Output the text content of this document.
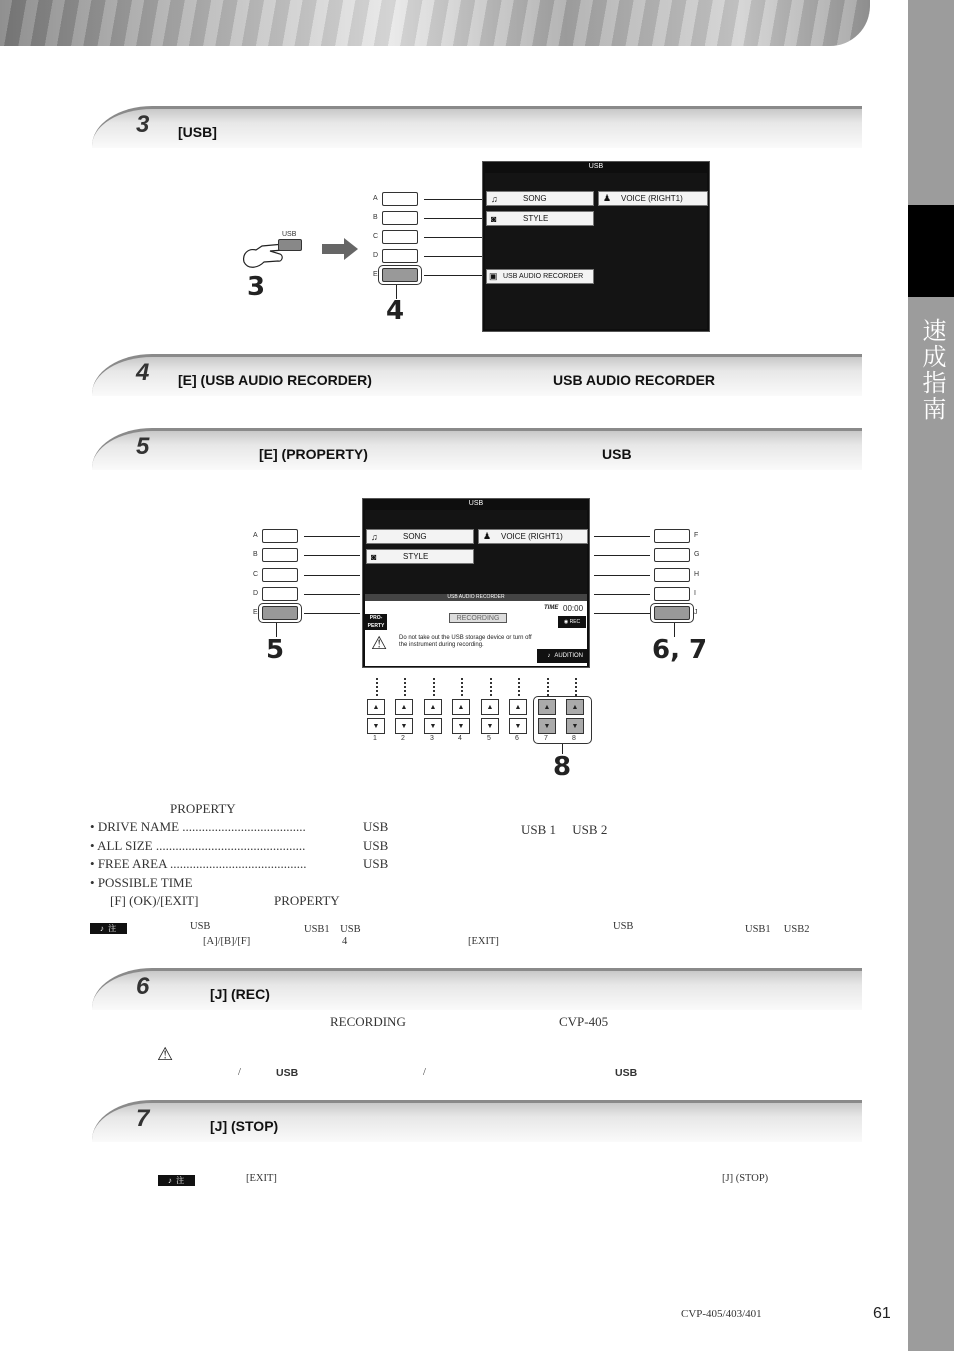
速成指南
3 [USB]
USB
3
A
B
C
D
E
4
USB
♫	SONG	♟	VOICE (RIGHT1)
◙	STYLE
▣ USB AUDIO RECORDER
4 [E] (USB AUDIO RECORDER)	USB AUDIO RECORDER
5	[E] (PROPERTY)	USB
A
B
C
D
E
5	6, 7
F
G
H
I
J
USB
♫	SONG	♟	VOICE (RIGHT1)
◙	STYLE
USB AUDIO RECORDER
PRO-PERTY
RECORDING
TIME 00:00
◉
REC
⚠ Do not take out the USB storage device or turn off the instrument during recording.
♪ AUDITION
▲
▼
▲
▼
▲
▼
▲
▼
▲
▼
▲
▼
▲
▼
▲
▼
1	2	3	4	5	6	7	8
8
PROPERTY
• DRIVE NAME ......................................	USB	USB 1　 USB 2
• ALL SIZE ..............................................	USB
• FREE AREA ..........................................	USB
• POSSIBLE TIME
[F] (OK)/[EXIT]	PROPERTY
♪
注	USB	USB1　USB	USB	USB1　 USB2
[A]/[B]/[F]	4	[EXIT]
6	[J] (REC)
RECORDING	CVP-405
⚠
/	USB	/	USB
7	[J] (STOP)
♪
注	[EXIT]	[J] (STOP)
CVP-405/403/401	61
